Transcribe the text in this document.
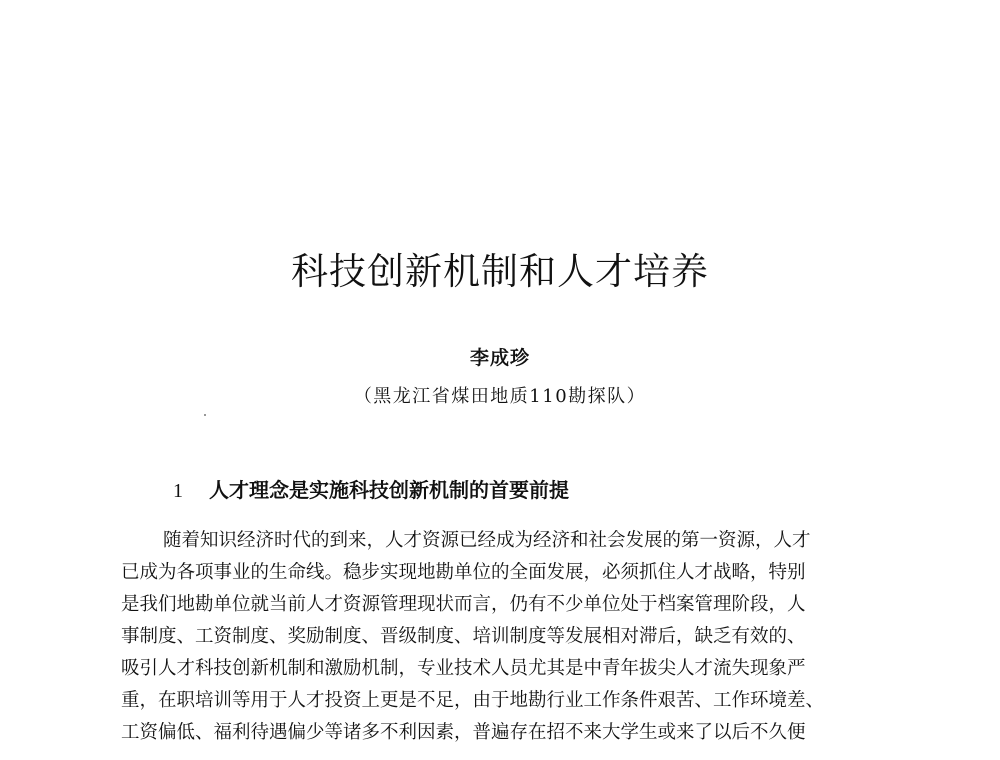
科技创新机制和人才培养
李成珍
（黑龙江省煤田地质110勘探队）
1 人才理念是实施科技创新机制的首要前提
随着知识经济时代的到来，人才资源已经成为经济和社会发展的第一资源，人才
已成为各项事业的生命线。稳步实现地勘单位的全面发展，必须抓住人才战略，特别
是我们地勘单位就当前人才资源管理现状而言，仍有不少单位处于档案管理阶段，人
事制度、工资制度、奖励制度、晋级制度、培训制度等发展相对滞后，缺乏有效的、
吸引人才科技创新机制和激励机制，专业技术人员尤其是中青年拔尖人才流失现象严
重，在职培训等用于人才投资上更是不足，由于地勘行业工作条件艰苦、工作环境差、
工资偏低、福利待遇偏少等诸多不利因素，普遍存在招不来大学生或来了以后不久便
